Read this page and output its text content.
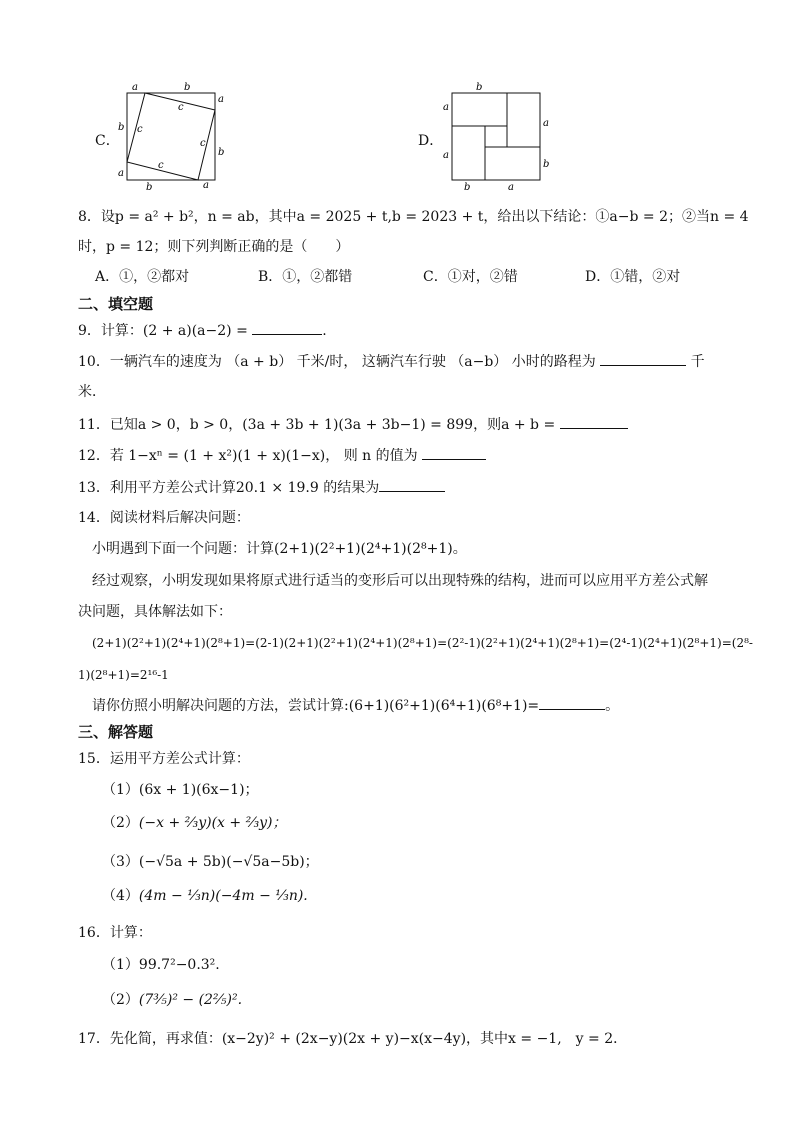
C．
a	b
a
c
b c
c
b
c
a
b	a
D．
b
a
a
a
b
b	a
8．设p = a² + b²，n = ab，其中a = 2025 + t,b = 2023 + t，给出以下结论：①a−b = 2；②当n = 4
时，p = 12；则下列判断正确的是（　　）
A．①，②都对	B．①，②都错	C．①对，②错	D．①错，②对
二、填空题
9．计算：(2 + a)(a−2) =	.
10．一辆汽车的速度为 （a + b） 千米/时， 这辆汽车行驶 （a−b） 小时的路程为	千
米．
11．已知a > 0，b > 0，(3a + 3b + 1)(3a + 3b−1) = 899，则a + b =
12．若 1−xⁿ = (1 + x²)(1 + x)(1−x)， 则 n 的值为
13．利用平方差公式计算20.1 × 19.9 的结果为
14．阅读材料后解决问题：
小明遇到下面一个问题：计算(2+1)(2²+1)(2⁴+1)(2⁸+1)。
经过观察，小明发现如果将原式进行适当的变形后可以出现特殊的结构，进而可以应用平方差公式解
决问题，具体解法如下：
(2+1)(2²+1)(2⁴+1)(2⁸+1)=(2-1)(2+1)(2²+1)(2⁴+1)(2⁸+1)=(2²-1)(2²+1)(2⁴+1)(2⁸+1)=(2⁴-1)(2⁴+1)(2⁸+1)=(2⁸-
1)(2⁸+1)=2¹⁶-1
请你仿照小明解决问题的方法，尝试计算:(6+1)(6²+1)(6⁴+1)(6⁸+1)=	。
三、解答题
15．运用平方差公式计算：
（1）(6x + 1)(6x−1)；
（2）(−x + ⅔y)(x + ⅔y)；
（3）(−√5a + 5b)(−√5a−5b)；
（4）(4m − ⅓n)(−4m − ⅓n).
16．计算：
（1）99.7²−0.3².
（2）(7⅗)² − (2⅖)².
17．先化简，再求值：(x−2y)² + (2x−y)(2x + y)−x(x−4y)，其中x = −1,　y = 2．
